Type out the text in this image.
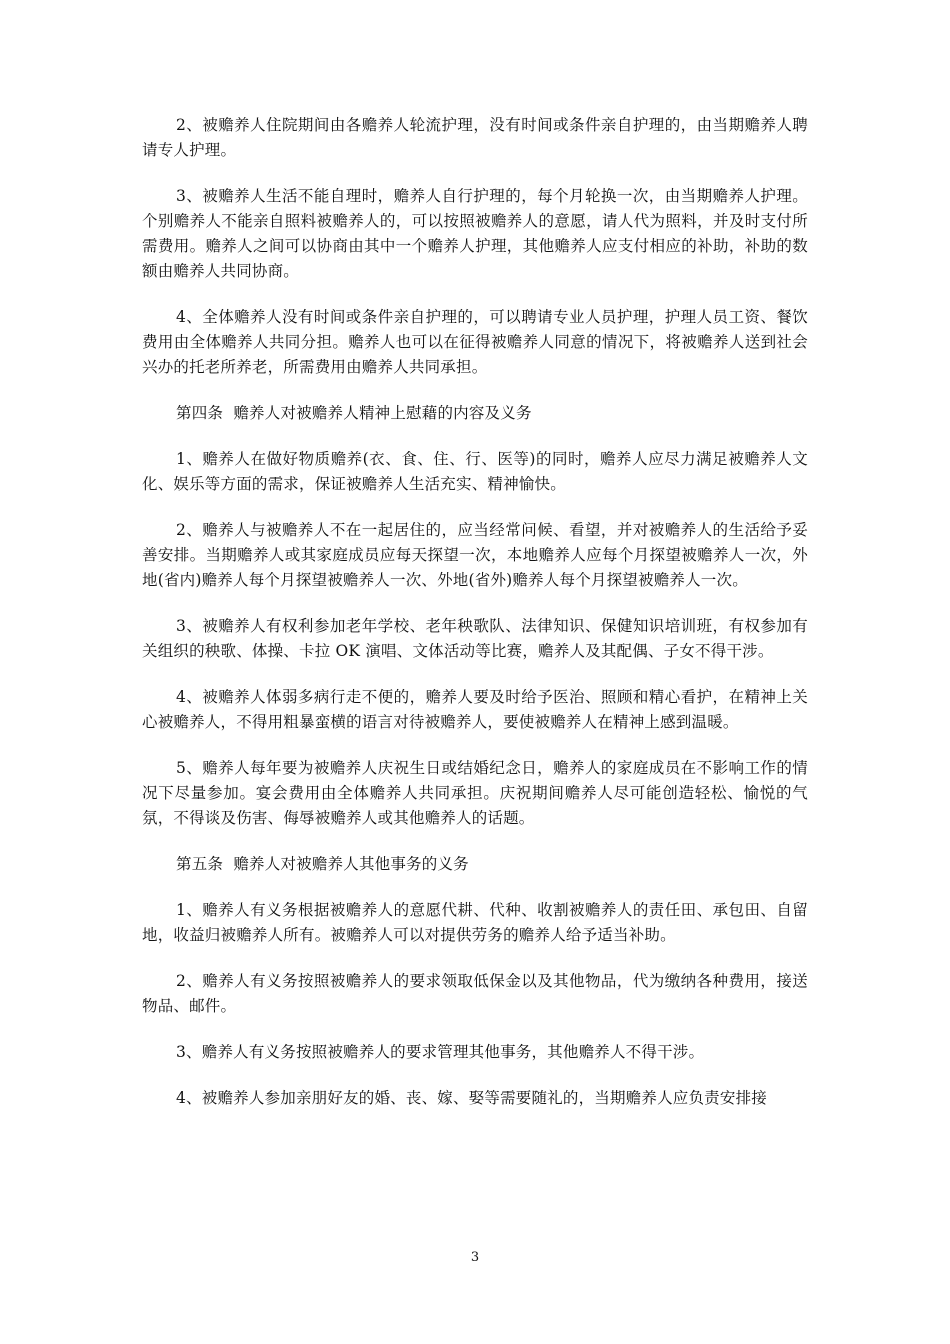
2、被赡养人住院期间由各赡养人轮流护理，没有时间或条件亲自护理的，由当期赡养人聘请专人护理。

3、被赡养人生活不能自理时，赡养人自行护理的，每个月轮换一次，由当期赡养人护理。个别赡养人不能亲自照料被赡养人的，可以按照被赡养人的意愿，请人代为照料，并及时支付所需费用。赡养人之间可以协商由其中一个赡养人护理，其他赡养人应支付相应的补助，补助的数额由赡养人共同协商。

4、全体赡养人没有时间或条件亲自护理的，可以聘请专业人员护理，护理人员工资、餐饮费用由全体赡养人共同分担。赡养人也可以在征得被赡养人同意的情况下，将被赡养人送到社会兴办的托老所养老，所需费用由赡养人共同承担。

第四条  赡养人对被赡养人精神上慰藉的内容及义务

1、赡养人在做好物质赡养(衣、食、住、行、医等)的同时，赡养人应尽力满足被赡养人文化、娱乐等方面的需求，保证被赡养人生活充实、精神愉快。

2、赡养人与被赡养人不在一起居住的，应当经常问候、看望，并对被赡养人的生活给予妥善安排。当期赡养人或其家庭成员应每天探望一次，本地赡养人应每个月探望被赡养人一次，外地(省内)赡养人每个月探望被赡养人一次、外地(省外)赡养人每个月探望被赡养人一次。

3、被赡养人有权利参加老年学校、老年秧歌队、法律知识、保健知识培训班，有权参加有关组织的秧歌、体操、卡拉 OK 演唱、文体活动等比赛，赡养人及其配偶、子女不得干涉。

4、被赡养人体弱多病行走不便的，赡养人要及时给予医治、照顾和精心看护，在精神上关心被赡养人，不得用粗暴蛮横的语言对待被赡养人，要使被赡养人在精神上感到温暖。

5、赡养人每年要为被赡养人庆祝生日或结婚纪念日，赡养人的家庭成员在不影响工作的情况下尽量参加。宴会费用由全体赡养人共同承担。庆祝期间赡养人尽可能创造轻松、愉悦的气氛，不得谈及伤害、侮辱被赡养人或其他赡养人的话题。

第五条  赡养人对被赡养人其他事务的义务

1、赡养人有义务根据被赡养人的意愿代耕、代种、收割被赡养人的责任田、承包田、自留地，收益归被赡养人所有。被赡养人可以对提供劳务的赡养人给予适当补助。

2、赡养人有义务按照被赡养人的要求领取低保金以及其他物品，代为缴纳各种费用，接送物品、邮件。

3、赡养人有义务按照被赡养人的要求管理其他事务，其他赡养人不得干涉。

4、被赡养人参加亲朋好友的婚、丧、嫁、娶等需要随礼的，当期赡养人应负责安排接

3
